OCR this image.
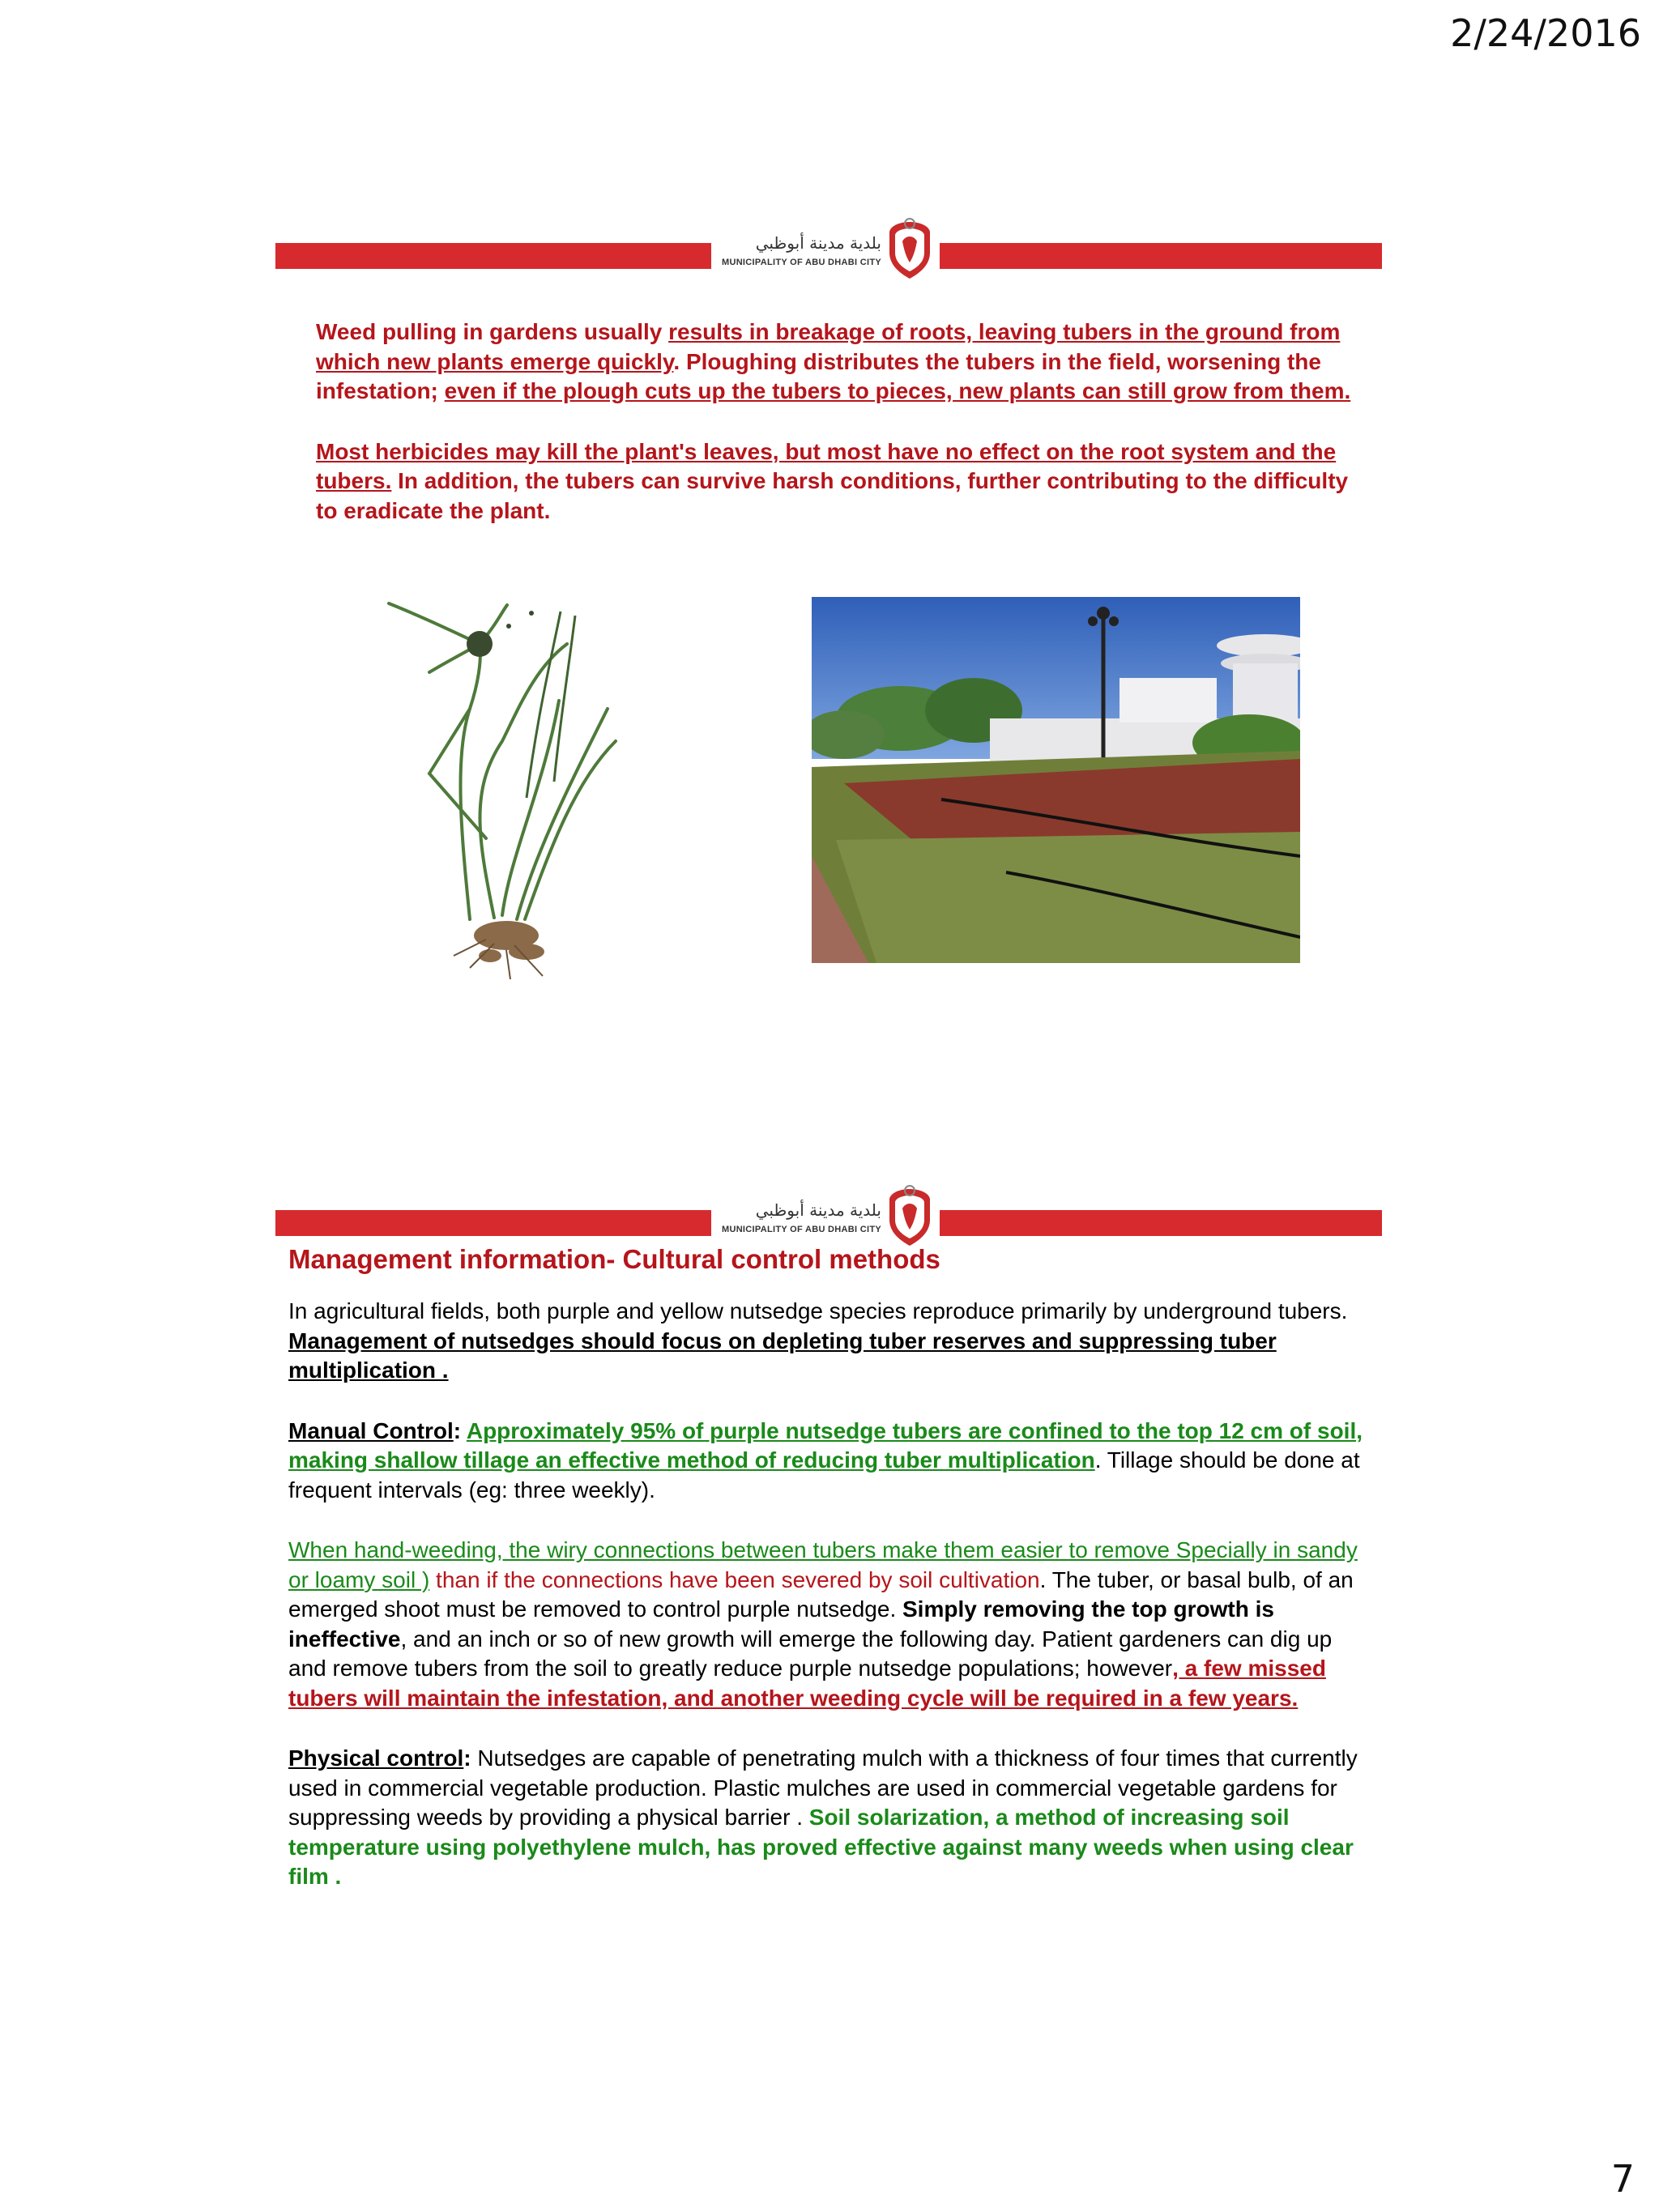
2/24/2016
بلدية مدينة أبوظبي
MUNICIPALITY OF ABU DHABI CITY

Weed pulling in gardens usually results in breakage of roots, leaving tubers in the ground from which new plants emerge quickly. Ploughing distributes the tubers in the field, worsening the infestation; even if the plough cuts up the tubers to pieces, new plants can still grow from them.

Most herbicides may kill the plant's leaves, but most have no effect on the root system and the tubers. In addition, the tubers can survive harsh conditions, further contributing to the difficulty to eradicate the plant.

بلدية مدينة أبوظبي
MUNICIPALITY OF ABU DHABI CITY
Management information- Cultural control methods

In agricultural fields, both purple and yellow nutsedge species reproduce primarily by underground tubers. Management of nutsedges should focus on depleting tuber reserves and suppressing tuber multiplication .

Manual Control: Approximately 95% of purple nutsedge tubers are confined to the top 12 cm of soil, making shallow tillage an effective method of reducing tuber multiplication. Tillage should be done at frequent intervals (eg: three weekly).

When hand-weeding, the wiry connections between tubers make them easier to remove Specially in sandy or loamy soil ) than if the connections have been severed by soil cultivation. The tuber, or basal bulb, of an emerged shoot must be removed to control purple nutsedge. Simply removing the top growth is ineffective, and an inch or so of new growth will emerge the following day. Patient gardeners can dig up and remove tubers from the soil to greatly reduce purple nutsedge populations; however, a few missed tubers will maintain the infestation, and another weeding cycle will be required in a few years.

Physical control: Nutsedges are capable of penetrating mulch with a thickness of four times that currently used in commercial vegetable production. Plastic mulches are used in commercial vegetable gardens for suppressing weeds by providing a physical barrier . Soil solarization, a method of increasing soil temperature using polyethylene mulch, has proved effective against many weeds when using clear film .

7
